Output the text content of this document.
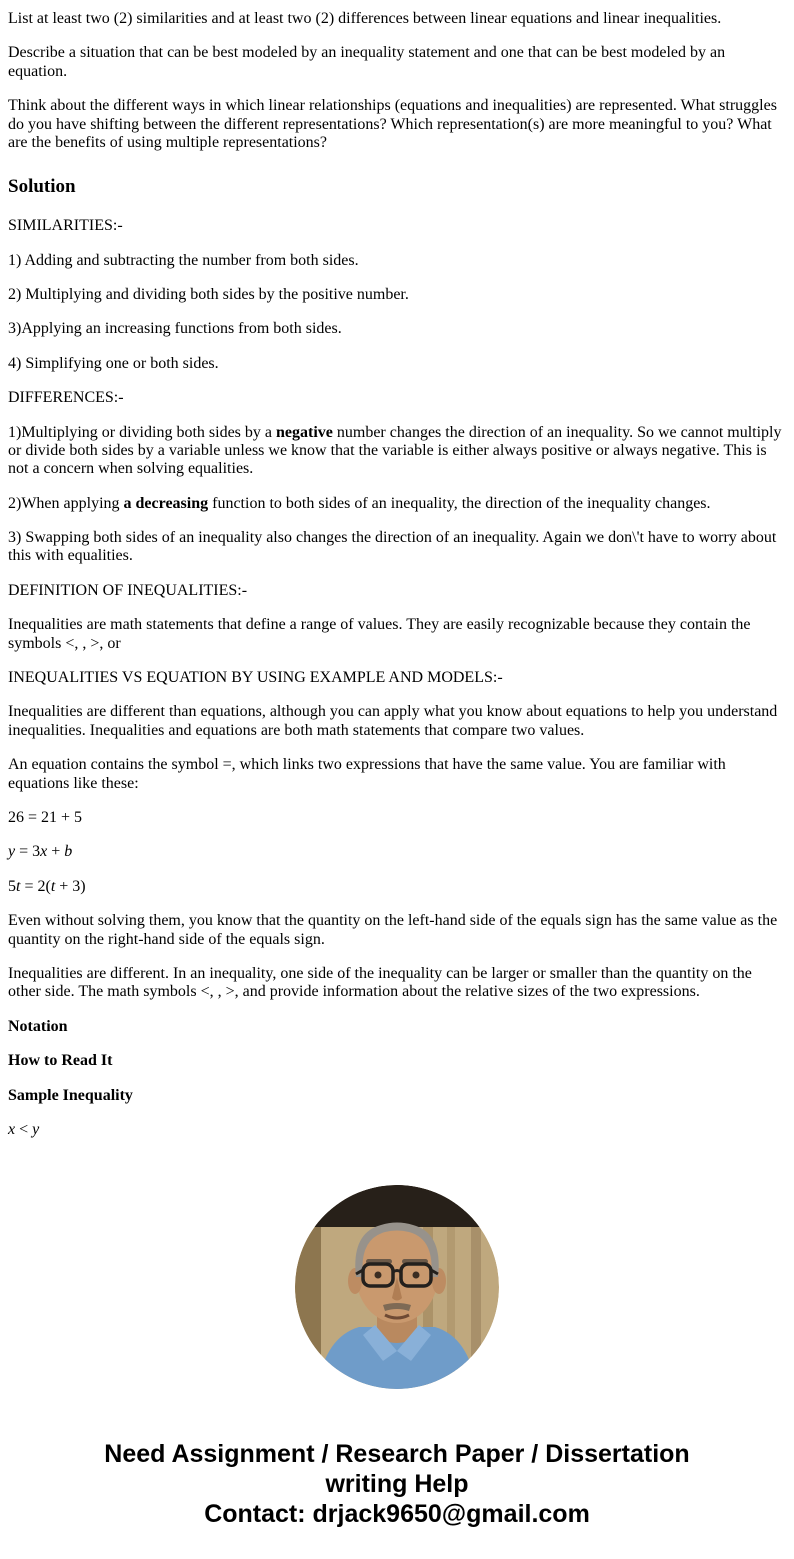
List at least two (2) similarities and at least two (2) differences between linear equations and linear inequalities.

Describe a situation that can be best modeled by an inequality statement and one that can be best modeled by an equation.

Think about the different ways in which linear relationships (equations and inequalities) are represented. What struggles do you have shifting between the different representations? Which representation(s) are more meaningful to you? What are the benefits of using multiple representations?

Solution

SIMILARITIES:-

1) Adding and subtracting the number from both sides.

2) Multiplying and dividing both sides by the positive number.

3)Applying an increasing functions from both sides.

4) Simplifying one or both sides.

DIFFERENCES:-

1)Multiplying or dividing both sides by a negative number changes the direction of an inequality. So we cannot multiply or divide both sides by a variable unless we know that the variable is either always positive or always negative. This is not a concern when solving equalities.

2)When applying a decreasing function to both sides of an inequality, the direction of the inequality changes.

3) Swapping both sides of an inequality also changes the direction of an inequality. Again we don\'t have to worry about this with equalities.

DEFINITION OF INEQUALITIES:-

Inequalities are math statements that define a range of values. They are easily recognizable because they contain the symbols <, , >, or

INEQUALITIES VS EQUATION BY USING EXAMPLE AND MODELS:-

Inequalities are different than equations, although you can apply what you know about equations to help you understand inequalities. Inequalities and equations are both math statements that compare two values.

An equation contains the symbol =, which links two expressions that have the same value. You are familiar with equations like these:

26 = 21 + 5

y = 3x + b

5t = 2(t + 3)

Even without solving them, you know that the quantity on the left-hand side of the equals sign has the same value as the quantity on the right-hand side of the equals sign.

Inequalities are different. In an inequality, one side of the inequality can be larger or smaller than the quantity on the other side. The math symbols <, , >, and provide information about the relative sizes of the two expressions.

Notation

How to Read It

Sample Inequality

x < y

Need Assignment / Research Paper / Dissertation
writing Help
Contact: drjack9650@gmail.com
